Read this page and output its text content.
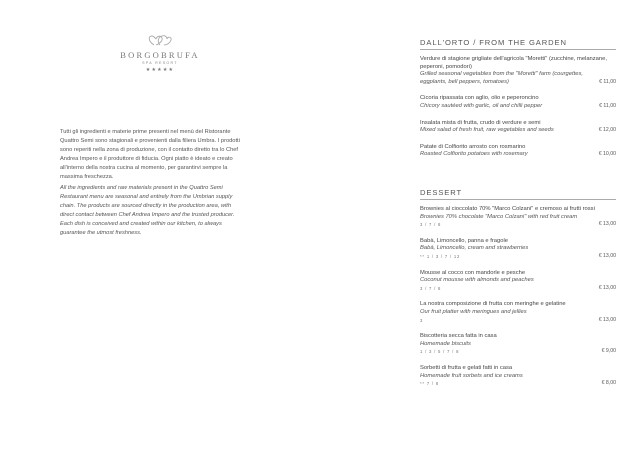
BORGOBRUFA
SPA RESORT
★★★★★

Tutti gli ingredienti e materie prime presenti nel menù del Ristorante Quattro Semi sono stagionali e provenienti dalla filiera Umbra. I prodotti sono reperiti nella zona di produzione, con il contatto diretto tra lo Chef Andrea Impero e il produttore di fiducia. Ogni piatto è ideato e creato all'interno della nostra cucina al momento, per garantirvi sempre la massima freschezza.

All the ingredients and raw materials present in the Quattro Semi Restaurant menu are seasonal and entirely from the Umbrian supply chain. The products are sourced directly in the production area, with direct contact between Chef Andrea Impero and the trusted producer. Each dish is conceived and created within our kitchen, to always guarantee the utmost freshness.

DALL'ORTO / FROM THE GARDEN
Verdure di stagione grigliate dell'agricola "Moretti" (zucchine, melanzane, peperoni, pomodori)
Grilled seasonal vegetables from the "Moretti" farm (courgettes, eggplants, bell peppers, tomatoes)	€ 11,00
Cicoria ripassata con aglio, olio e peperoncino
Chicory sautéed with garlic, oil and chilli pepper	€ 11,00
Insalata mista di frutta, crudo di verdure e semi
Mixed salad of fresh fruit, raw vegetables and seeds	€ 12,00
Patate di Colfiorito arrosto con rosmarino
Roasted Colfiorito potatoes with rosemary	€ 10,00
DESSERT
Brownies al cioccolato 70% "Marco Colzani" e cremoso ai frutti rossi
Brownies 70% chocolate "Marco Colzani" with red fruit cream
3 / 7 / 8	€ 13,00
Babà, Limoncello, panna e fragole
Babà, Limoncello, cream and strawberries
** 1 / 3 / 7 / 12	€ 13,00
Mousse al cocco con mandorle e pesche
Coconut mousse with almonds and peaches
3 / 7 / 8	€ 13,00
La nostra composizione di frutta con meringhe e gelatine
Our fruit platter with meringues and jellies
3	€ 13,00
Biscotteria secca fatta in casa
Homemade biscuits
1 / 3 / 5 / 7 / 8	€ 9,00
Sorbetti di frutta e gelati fatti in casa
Homemade fruit sorbets and ice creams
** 7 / 8	€ 8,00
